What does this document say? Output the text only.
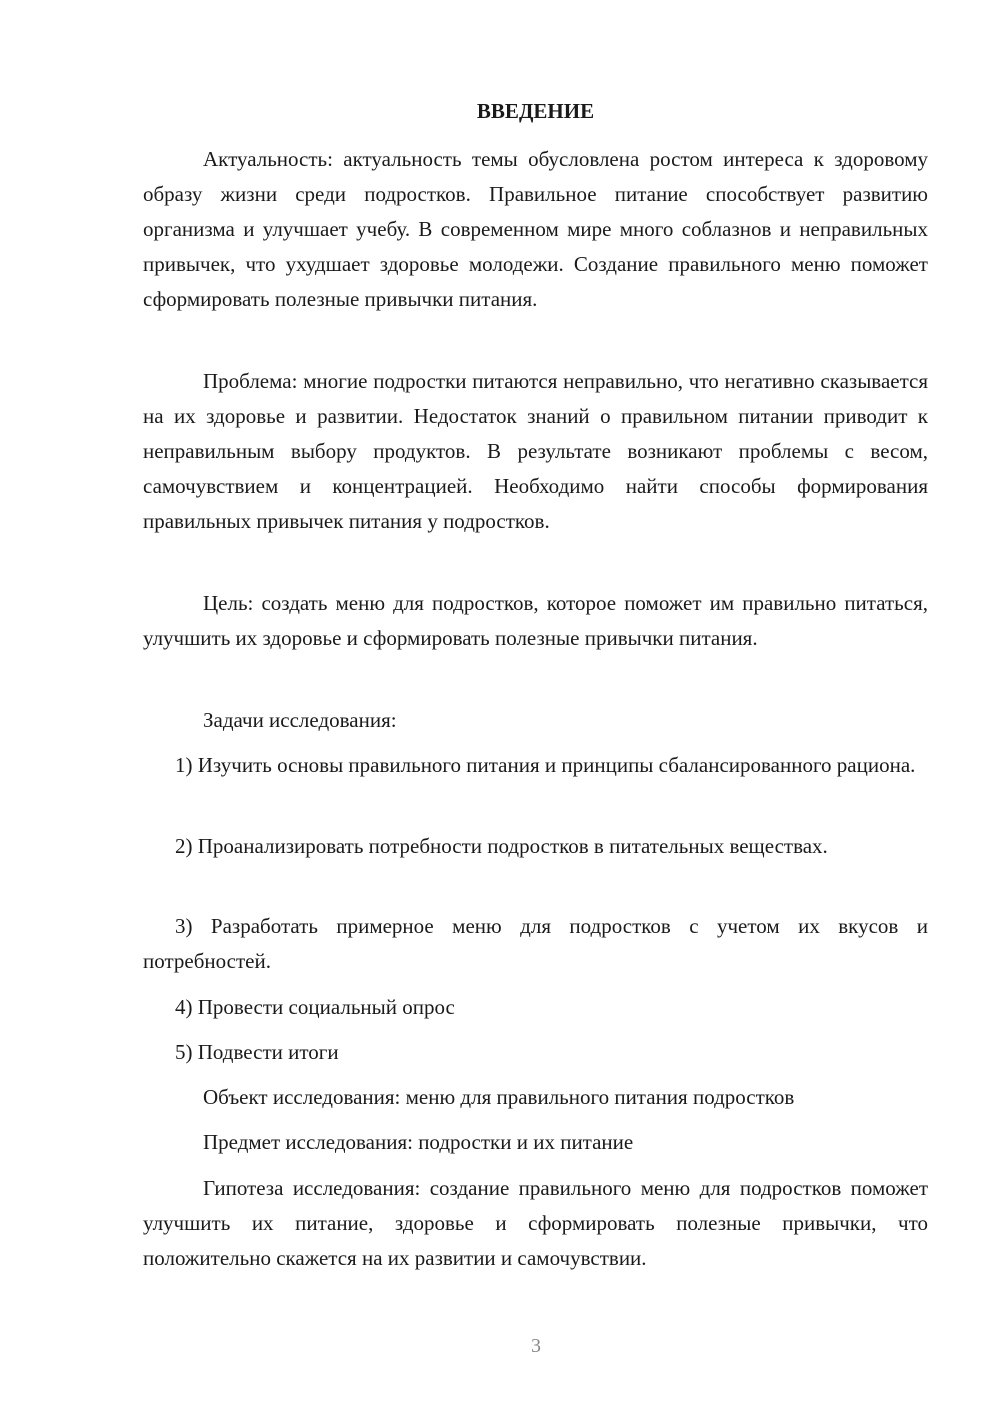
ВВЕДЕНИЕ
Актуальность: актуальность темы обусловлена ростом интереса к здоровому образу жизни среди подростков. Правильное питание способствует развитию организма и улучшает учебу. В современном мире много соблазнов и неправильных привычек, что ухудшает здоровье молодежи. Создание правильного меню поможет сформировать полезные привычки питания.
Проблема: многие подростки питаются неправильно, что негативно сказывается на их здоровье и развитии. Недостаток знаний о правильном питании приводит к неправильным выбору продуктов. В результате возникают проблемы с весом, самочувствием и концентрацией. Необходимо найти способы формирования правильных привычек питания у подростков.
Цель: создать меню для подростков, которое поможет им правильно питаться, улучшить их здоровье и сформировать полезные привычки питания.
Задачи исследования:
1) Изучить основы правильного питания и принципы сбалансированного рациона.
2) Проанализировать потребности подростков в питательных веществах.
3) Разработать примерное меню для подростков с учетом их вкусов и потребностей.
4) Провести социальный опрос
5) Подвести итоги
Объект исследования: меню для правильного питания подростков
Предмет исследования: подростки и их питание
Гипотеза исследования: создание правильного меню для подростков поможет улучшить их питание, здоровье и сформировать полезные привычки, что положительно скажется на их развитии и самочувствии.
3
